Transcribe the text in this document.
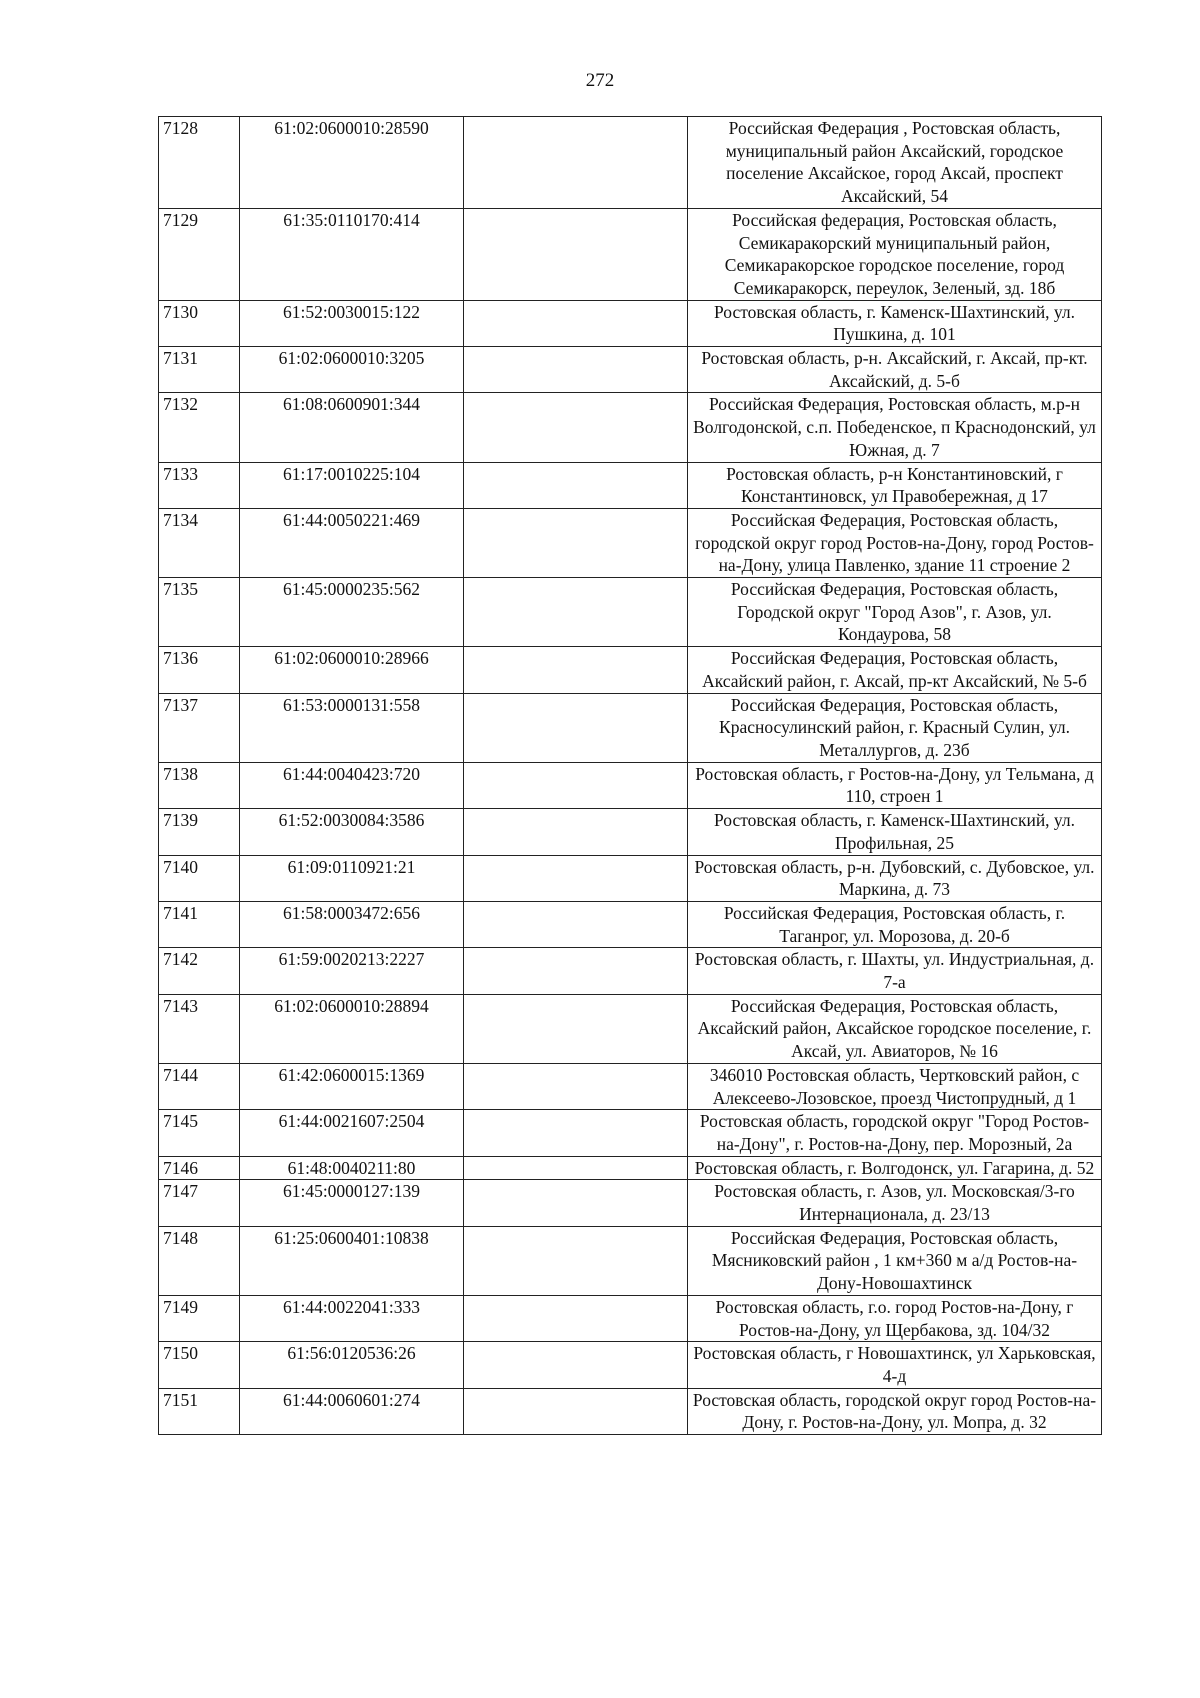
272
7128	61:02:0600010:28590		Российская Федерация , Ростовская область, муниципальный район Аксайский, городское поселение Аксайское, город Аксай, проспект Аксайский, 54
7129	61:35:0110170:414		Российская федерация, Ростовская область, Семикаракорский муниципальный район, Семикаракорское городское поселение, город Семикаракорск, переулок, Зеленый, зд. 18б
7130	61:52:0030015:122		Ростовская область, г. Каменск-Шахтинский, ул. Пушкина, д. 101
7131	61:02:0600010:3205		Ростовская область, р-н. Аксайский, г. Аксай, пр-кт. Аксайский, д. 5-б
7132	61:08:0600901:344		Российская Федерация, Ростовская область, м.р-н Волгодонской, с.п. Победенское, п Краснодонский, ул Южная, д. 7
7133	61:17:0010225:104		Ростовская область, р-н Константиновский, г Константиновск, ул Правобережная, д 17
7134	61:44:0050221:469		Российская Федерация, Ростовская область, городской округ город Ростов-на-Дону, город Ростов-на-Дону, улица Павленко, здание 11 строение 2
7135	61:45:0000235:562		Российская Федерация, Ростовская область, Городской округ "Город Азов", г. Азов, ул. Кондаурова, 58
7136	61:02:0600010:28966		Российская Федерация, Ростовская область, Аксайский район, г. Аксай, пр-кт Аксайский, № 5-б
7137	61:53:0000131:558		Российская Федерация, Ростовская область, Красносулинский район, г. Красный Сулин, ул. Металлургов, д. 23б
7138	61:44:0040423:720		Ростовская область, г Ростов-на-Дону, ул Тельмана, д 110, строен 1
7139	61:52:0030084:3586		Ростовская область, г. Каменск-Шахтинский, ул. Профильная, 25
7140	61:09:0110921:21		Ростовская область, р-н. Дубовский, с. Дубовское, ул. Маркина, д. 73
7141	61:58:0003472:656		Российская Федерация, Ростовская область, г. Таганрог, ул. Морозова, д. 20-б
7142	61:59:0020213:2227		Ростовская область, г. Шахты, ул. Индустриальная, д. 7-а
7143	61:02:0600010:28894		Российская Федерация, Ростовская область, Аксайский район, Аксайское городское поселение, г. Аксай, ул. Авиаторов, № 16
7144	61:42:0600015:1369		346010 Ростовская область, Чертковский район, с Алексеево-Лозовское, проезд Чистопрудный, д 1
7145	61:44:0021607:2504		Ростовская область, городской округ "Город Ростов-на-Дону", г. Ростов-на-Дону, пер. Морозный, 2а
7146	61:48:0040211:80		Ростовская область, г. Волгодонск, ул. Гагарина, д. 52
7147	61:45:0000127:139		Ростовская область, г. Азов, ул. Московская/3-го Интернационала, д. 23/13
7148	61:25:0600401:10838		Российская Федерация, Ростовская область, Мясниковский район , 1 км+360 м а/д Ростов-на-Дону-Новошахтинск
7149	61:44:0022041:333		Ростовская область, г.о. город Ростов-на-Дону, г Ростов-на-Дону, ул Щербакова, зд. 104/32
7150	61:56:0120536:26		Ростовская область, г Новошахтинск, ул Харьковская, 4-д
7151	61:44:0060601:274		Ростовская область, городской округ город Ростов-на-Дону, г. Ростов-на-Дону, ул. Мопра, д. 32
